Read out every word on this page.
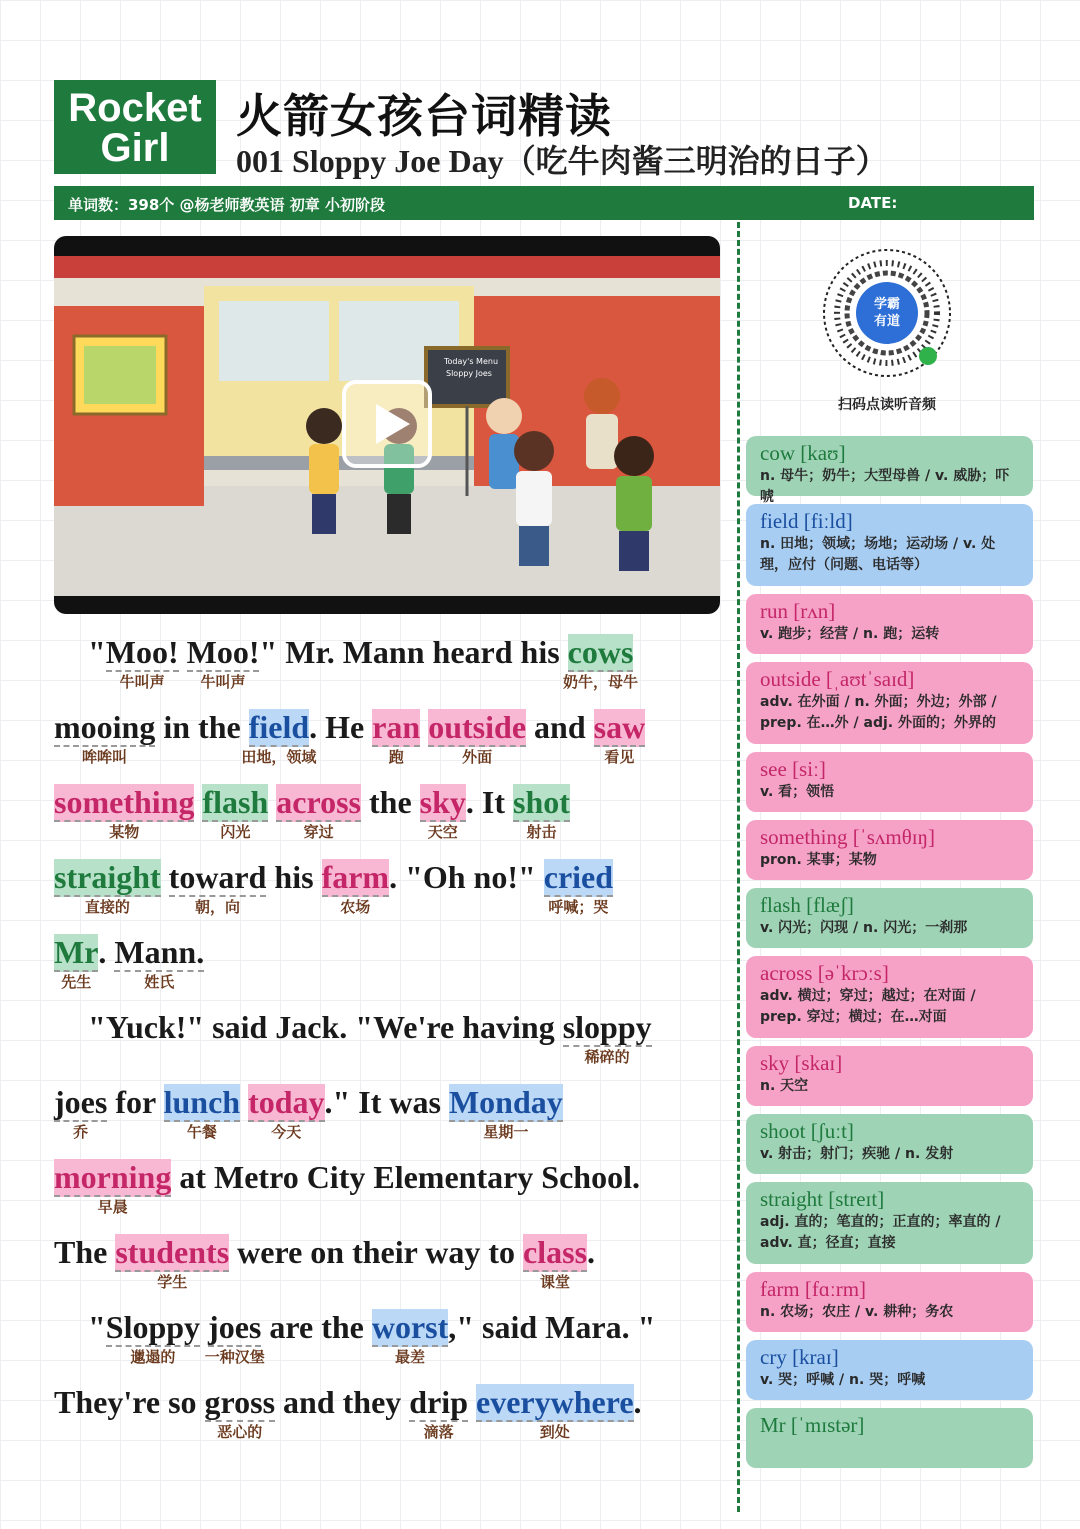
Rocket
Girl
火箭女孩台词精读
001 Sloppy Joe Day（吃牛肉酱三明治的日子）
单词数：398个 @杨老师教英语 初章 小初阶段	DATE:
Today's Menu
Sloppy Joes
学霸
有道
扫码点读听音频
cow [kaʊ]
n. 母牛；奶牛；大型母兽 / v. 威胁；吓唬
field [fiːld]
n. 田地；领域；场地；运动场 / v. 处理，应付（问题、电话等）
run [rʌn]
v. 跑步；经营 / n. 跑；运转
outside [ˌaʊtˈsaɪd]
adv. 在外面 / n. 外面；外边；外部 / prep. 在…外 / adj. 外面的；外界的
see [siː]
v. 看；领悟
something [ˈsʌmθɪŋ]
pron. 某事；某物
flash [flæʃ]
v. 闪光；闪现 / n. 闪光；一刹那
across [əˈkrɔːs]
adv. 横过；穿过；越过；在对面 / prep. 穿过；横过；在…对面
sky [skaɪ]
n. 天空
shoot [ʃuːt]
v. 射击；射门；疾驰 / n. 发射
straight [streɪt]
adj. 直的；笔直的；正直的；率直的 / adv. 直；径直；直接
farm [fɑːrm]
n. 农场；农庄 / v. 耕种；务农
cry [kraɪ]
v. 哭；呼喊 / n. 哭；呼喊
Mr [ˈmɪstər]
"Moo!
牛叫声
Moo!
牛叫声
" Mr. Mann heard his cows
奶牛，母牛
mooing
哞哞叫
in the field
田地，领域
. He ran
跑
outside
外面
and saw
看见
something
某物
flash
闪光
across
穿过
the sky
天空
. It shot
射击
straight
直接的
toward
朝，向
his farm
农场
. "Oh no!" cried
呼喊；哭
Mr
先生
. Mann.
姓氏
"Yuck!" said Jack. "We're having sloppy
稀碎的
joes
乔
for lunch
午餐
today
今天
." It was Monday
星期一
morning
早晨
at Metro City Elementary School.
The students
学生
were on their way to class
课堂
.
"Sloppy
邋遢的
joes
一种汉堡
are the worst
最差
," said Mara. "
They're so gross
恶心的
and they drip
滴落
everywhere
到处
.
